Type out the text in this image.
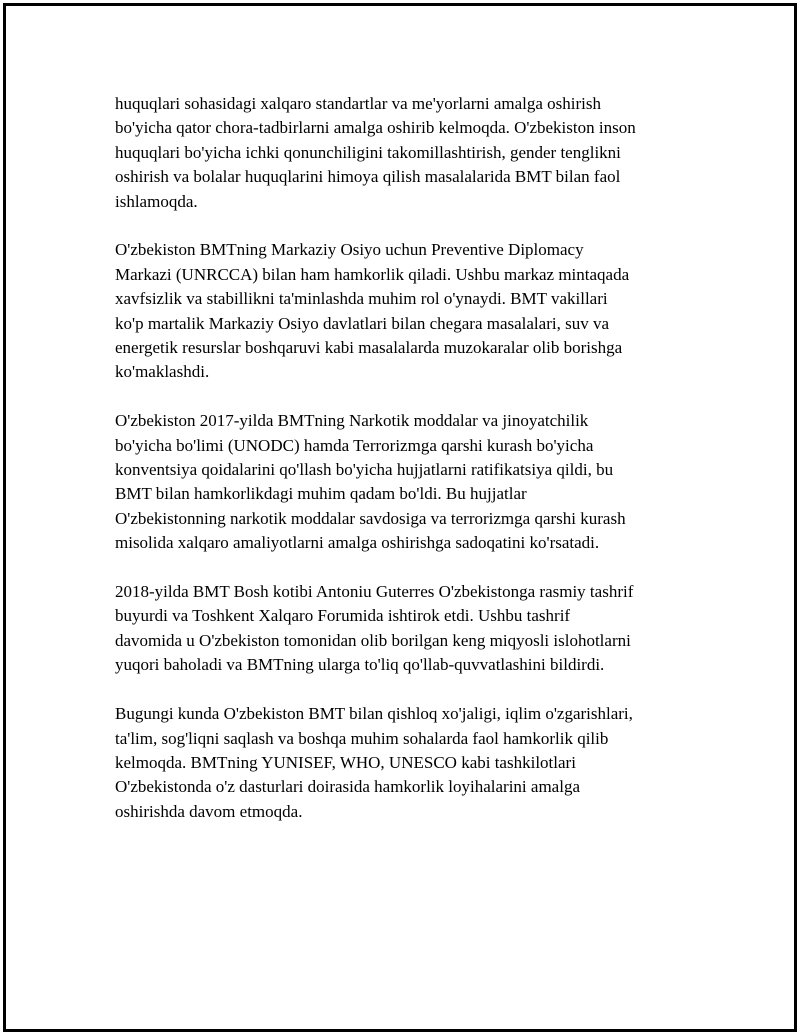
huquqlari sohasidagi xalqaro standartlar va me'yorlarni amalga oshirish
bo'yicha qator chora-tadbirlarni amalga oshirib kelmoqda. O'zbekiston inson
huquqlari bo'yicha ichki qonunchiligini takomillashtirish, gender tenglikni
oshirish va bolalar huquqlarini himoya qilish masalalarida BMT bilan faol
ishlamoqda.
O'zbekiston BMTning Markaziy Osiyo uchun Preventive Diplomacy
Markazi (UNRCCA) bilan ham hamkorlik qiladi. Ushbu markaz mintaqada
xavfsizlik va stabillikni ta'minlashda muhim rol o'ynaydi. BMT vakillari
ko'p martalik Markaziy Osiyo davlatlari bilan chegara masalalari, suv va
energetik resurslar boshqaruvi kabi masalalarda muzokaralar olib borishga
ko'maklashdi.
O'zbekiston 2017-yilda BMTning Narkotik moddalar va jinoyatchilik
bo'yicha bo'limi (UNODC) hamda Terrorizmga qarshi kurash bo'yicha
konventsiya qoidalarini qo'llash bo'yicha hujjatlarni ratifikatsiya qildi, bu
BMT bilan hamkorlikdagi muhim qadam bo'ldi. Bu hujjatlar
O'zbekistonning narkotik moddalar savdosiga va terrorizmga qarshi kurash
misolida xalqaro amaliyotlarni amalga oshirishga sadoqatini ko'rsatadi.
2018-yilda BMT Bosh kotibi Antoniu Guterres O'zbekistonga rasmiy tashrif
buyurdi va Toshkent Xalqaro Forumida ishtirok etdi. Ushbu tashrif
davomida u O'zbekiston tomonidan olib borilgan keng miqyosli islohotlarni
yuqori baholadi va BMTning ularga to'liq qo'llab-quvvatlashini bildirdi.
Bugungi kunda O'zbekiston BMT bilan qishloq xo'jaligi, iqlim o'zgarishlari,
ta'lim, sog'liqni saqlash va boshqa muhim sohalarda faol hamkorlik qilib
kelmoqda. BMTning YUNISEF, WHO, UNESCO kabi tashkilotlari
O'zbekistonda o'z dasturlari doirasida hamkorlik loyihalarini amalga
oshirishda davom etmoqda.
